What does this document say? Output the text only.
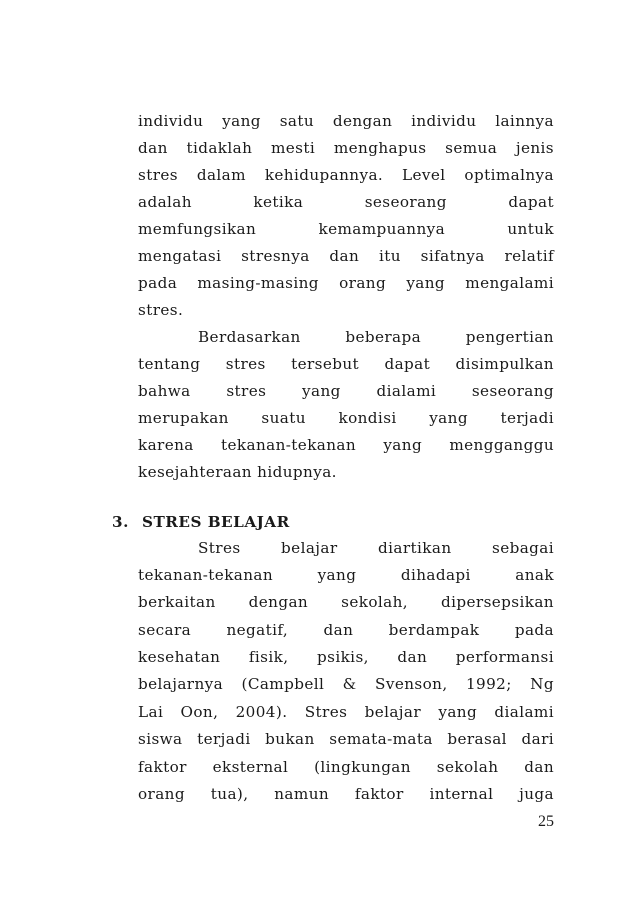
individu yang satu dengan individu lainnya
dan tidaklah mesti menghapus semua jenis
stres dalam kehidupannya. Level optimalnya
adalah ketika seseorang dapat
memfungsikan kemampuannya untuk
mengatasi stresnya dan itu sifatnya relatif
pada masing-masing orang yang mengalami
stres.
Berdasarkan beberapa pengertian
tentang stres tersebut dapat disimpulkan
bahwa stres yang dialami seseorang
merupakan suatu kondisi yang terjadi
karena tekanan-tekanan yang mengganggu
kesejahteraan hidupnya.
3. STRES BELAJAR
Stres belajar diartikan sebagai
tekanan-tekanan yang dihadapi anak
berkaitan dengan sekolah, dipersepsikan
secara negatif, dan berdampak pada
kesehatan fisik, psikis, dan performansi
belajarnya (Campbell & Svenson, 1992; Ng
Lai Oon, 2004). Stres belajar yang dialami
siswa terjadi bukan semata-mata berasal dari
faktor eksternal (lingkungan sekolah dan
orang tua), namun faktor internal juga
25
